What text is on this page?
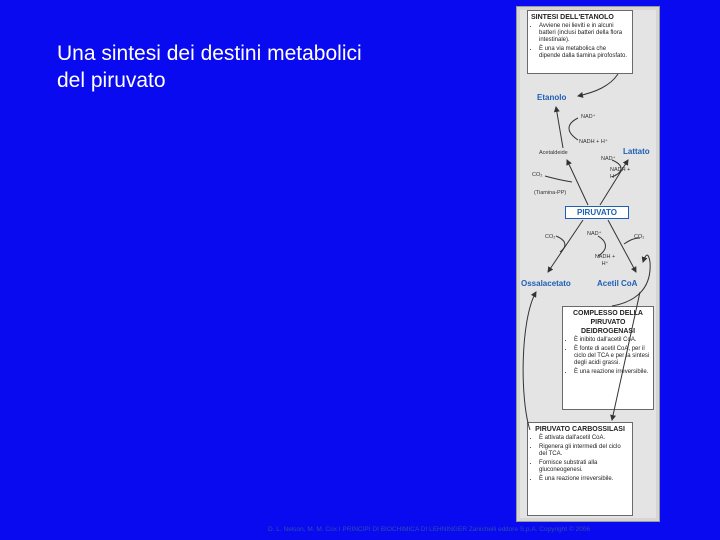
Una sintesi dei destini metabolici
del piruvato
SINTESI DELL'ETANOLO
• Avviene nei lieviti e in alcuni batteri (inclusi batteri della flora intestinale).
• È una via metabolica che dipende dalla tiamina pirofosfato.
Etanolo
NAD⁺
NADH + H⁺
Acetaldeide	Lattato
CO₂
NAD⁺
NADH + H⁺
(Tiamina-PP)
PIRUVATO
CO₂	NAD⁺	CO₂
NADH + H⁺
Ossalacetato	Acetil CoA
COMPLESSO DELLA PIRUVATO DEIDROGENASI
• È inibito dall'acetil CoA.
• È fonte di acetil CoA, per il ciclo del TCA e per la sintesi degli acidi grassi.
• È una reazione irreversibile.
PIRUVATO CARBOSSILASI
• È attivata dall'acetil CoA.
• Rigenera gli intermedi del ciclo del TCA.
• Fornisce substrati alla gluconeogenesi.
• È una reazione irreversibile.
D. L. Nelson, M. M. Cox I PRINCIPI DI BIOCHIMICA DI LEHNINGER Zanichelli editore S.p.A. Copyright © 2006
